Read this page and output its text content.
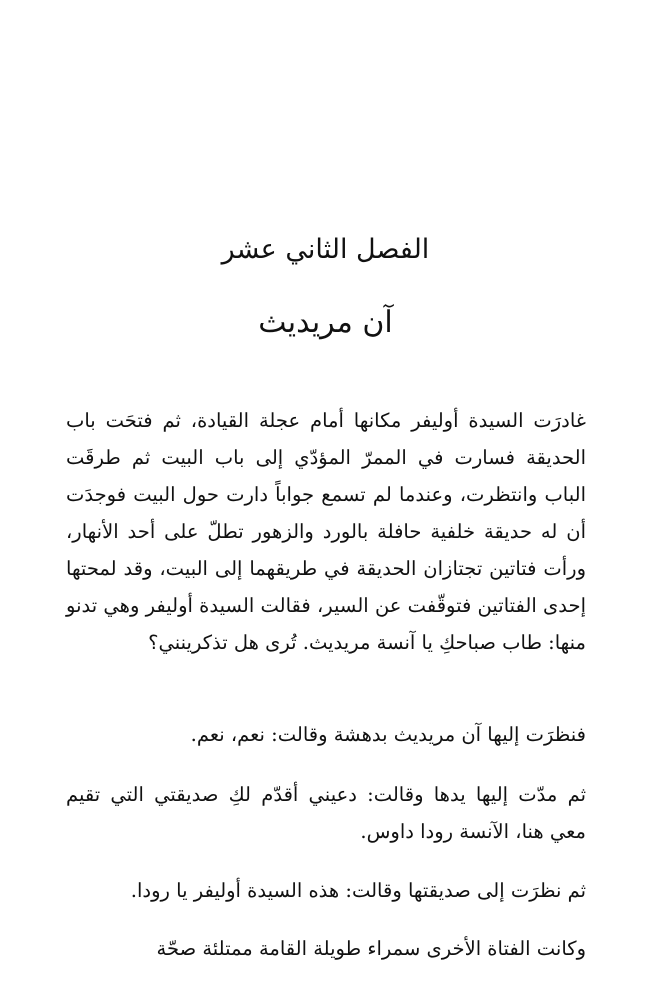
الفصل الثاني عشر
آن مريديث

غادرَت السيدة أوليفر مكانها أمام عجلة القيادة، ثم فتحَت باب الحديقة فسارت في الممرّ المؤدّي إلى باب البيت ثم طرقَت الباب وانتظرت، وعندما لم تسمع جواباً دارت حول البيت فوجدَت أن له حديقة خلفية حافلة بالورد والزهور تطلّ على أحد الأنهار، ورأت فتاتين تجتازان الحديقة في طريقهما إلى البيت، وقد لمحتها إحدى الفتاتين فتوقّفت عن السير، فقالت السيدة أوليفر وهي تدنو منها: طاب صباحكِ يا آنسة مريديث. تُرى هل تذكرينني؟

فنظرَت إليها آن مريديث بدهشة وقالت: نعم، نعم.

ثم مدّت إليها يدها وقالت: دعيني أقدّم لكِ صديقتي التي تقيم معي هنا، الآنسة رودا داوس.

ثم نظرَت إلى صديقتها وقالت: هذه السيدة أوليفر يا رودا.

وكانت الفتاة الأخرى سمراء طويلة القامة ممتلئة صحّة
